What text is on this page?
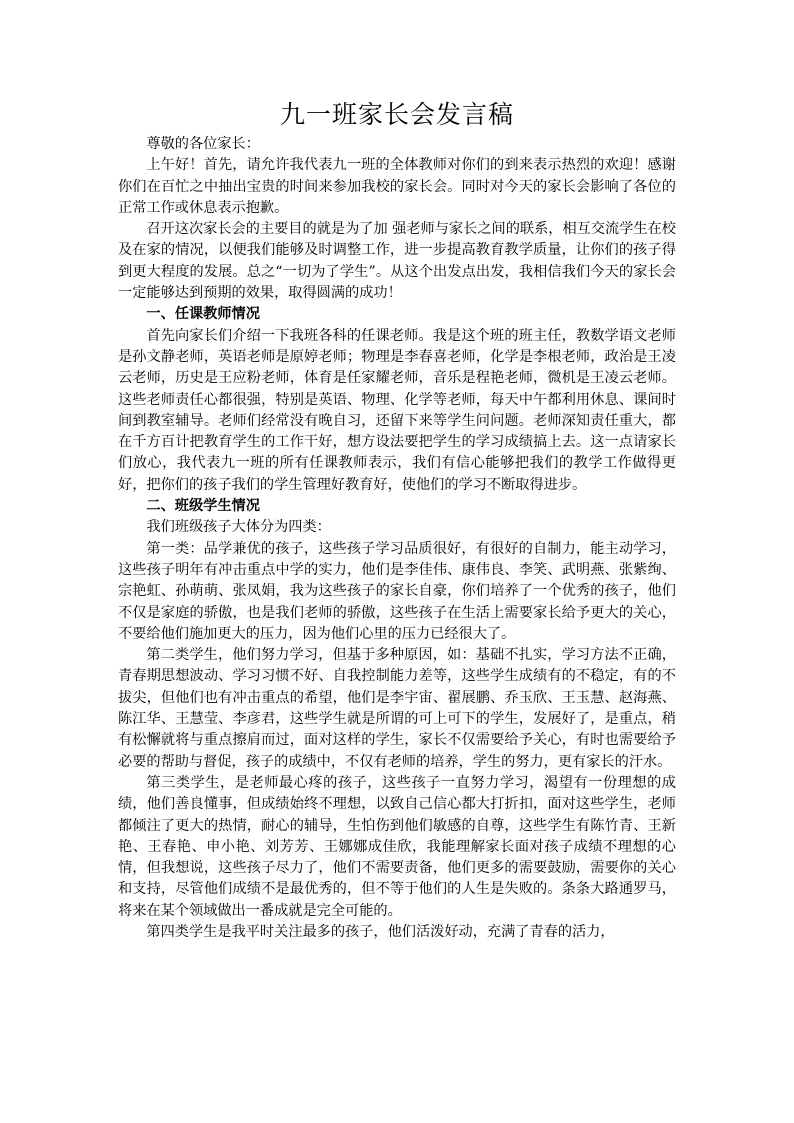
九一班家长会发言稿

尊敬的各位家长：

上午好！首先，请允许我代表九一班的全体教师对你们的到来表示热烈的欢迎！感谢你们在百忙之中抽出宝贵的时间来参加我校的家长会。同时对今天的家长会影响了各位的正常工作或休息表示抱歉。

召开这次家长会的主要目的就是为了加 强老师与家长之间的联系，相互交流学生在校及在家的情况，以便我们能够及时调整工作，进一步提高教育教学质量，让你们的孩子得到更大程度的发展。总之“一切为了学生”。从这个出发点出发，我相信我们今天的家长会一定能够达到预期的效果，取得圆满的成功！

一、任课教师情况

首先向家长们介绍一下我班各科的任课老师。我是这个班的班主任，教数学语文老师是孙文静老师，英语老师是原婷老师；物理是李春喜老师，化学是李根老师，政治是王凌云老师，历史是王应粉老师，体育是任家耀老师，音乐是程艳老师，微机是王凌云老师。这些老师责任心都很强，特别是英语、物理、化学等老师，每天中午都利用休息、课间时间到教室辅导。老师们经常没有晚自习，还留下来等学生问问题。老师深知责任重大，都在千方百计把教育学生的工作干好，想方设法要把学生的学习成绩搞上去。这一点请家长们放心，我代表九一班的所有任课教师表示，我们有信心能够把我们的教学工作做得更好，把你们的孩子我们的学生管理好教育好，使他们的学习不断取得进步。

二、班级学生情况

我们班级孩子大体分为四类：

第一类：品学兼优的孩子，这些孩子学习品质很好，有很好的自制力，能主动学习，这些孩子明年有冲击重点中学的实力，他们是李佳伟、康伟良、李笑、武明燕、张紫绚、宗艳虹、孙萌萌、张凤娟，我为这些孩子的家长自豪，你们培养了一个优秀的孩子，他们不仅是家庭的骄傲，也是我们老师的骄傲，这些孩子在生活上需要家长给予更大的关心，不要给他们施加更大的压力，因为他们心里的压力已经很大了。

第二类学生，他们努力学习，但基于多种原因，如：基础不扎实，学习方法不正确，青春期思想波动、学习习惯不好、自我控制能力差等，这些学生成绩有的不稳定，有的不拔尖，但他们也有冲击重点的希望，他们是李宇宙、翟展鹏、乔玉欣、王玉慧、赵海燕、陈江华、王慧莹、李彦君，这些学生就是所谓的可上可下的学生，发展好了，是重点，稍有松懈就将与重点擦肩而过，面对这样的学生，家长不仅需要给予关心，有时也需要给予必要的帮助与督促，孩子的成绩中，不仅有老师的培养，学生的努力，更有家长的汗水。

第三类学生，是老师最心疼的孩子，这些孩子一直努力学习，渴望有一份理想的成绩，他们善良懂事，但成绩始终不理想，以致自己信心都大打折扣，面对这些学生，老师都倾注了更大的热情，耐心的辅导，生怕伤到他们敏感的自尊，这些学生有陈竹青、王新艳、王春艳、申小艳、刘芳芳、王娜娜成佳欣，我能理解家长面对孩子成绩不理想的心情，但我想说，这些孩子尽力了，他们不需要责备，他们更多的需要鼓励，需要你的关心和支持，尽管他们成绩不是最优秀的，但不等于他们的人生是失败的。条条大路通罗马，将来在某个领域做出一番成就是完全可能的。

第四类学生是我平时关注最多的孩子，他们活泼好动，充满了青春的活力，
